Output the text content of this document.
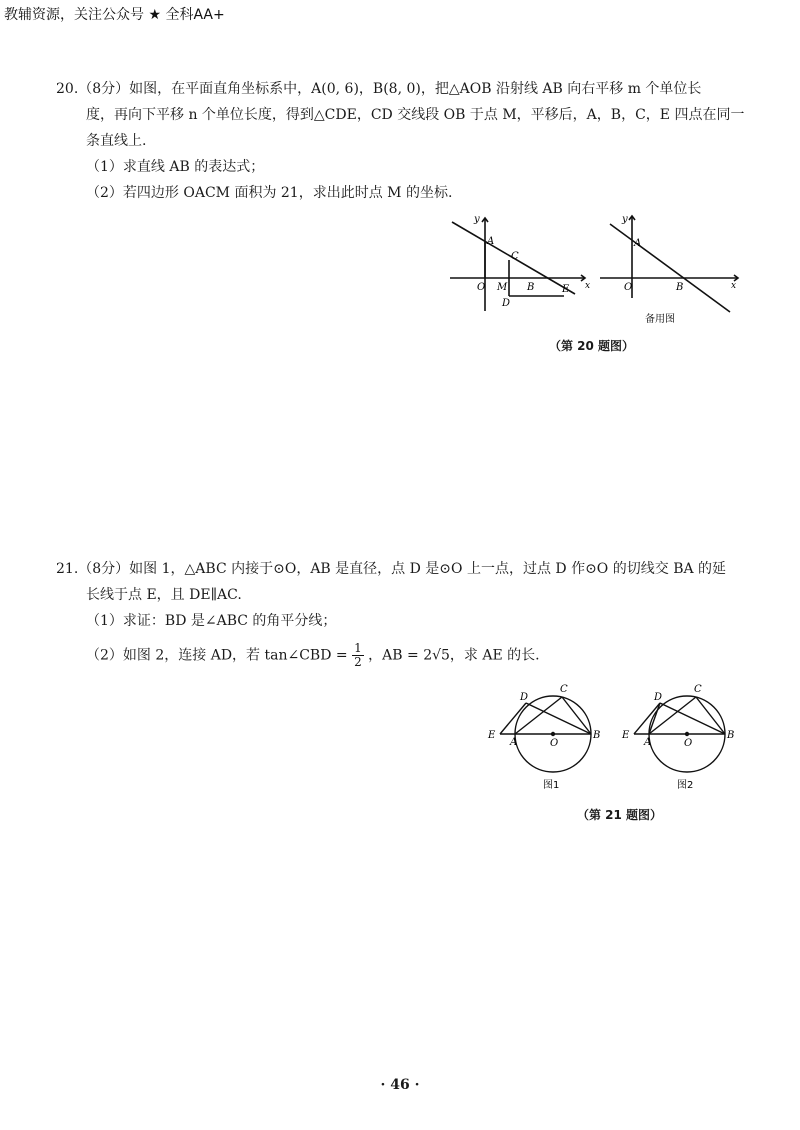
教辅资源，关注公众号 ★ 全科AA+

20.（8分）如图，在平面直角坐标系中，A(0, 6)，B(8, 0)，把△AOB 沿射线 AB 向右平移 m 个单位长

度，再向下平移 n 个单位长度，得到△CDE，CD 交线段 OB 于点 M，平移后，A，B，C，E 四点在同一

条直线上.

（1）求直线 AB 的表达式；

（2）若四边形 OACM 面积为 21，求出此时点 M 的坐标.

y
A
C
O M B	E
D
x
y
A
O	B	x
备用图
（第 20 题图）

21.（8分）如图 1，△ABC 内接于⊙O，AB 是直径，点 D 是⊙O 上一点，过点 D 作⊙O 的切线交 BA 的延

长线于点 E，且 DE∥AC.

（1）求证：BD 是∠ABC 的角平分线；

（2）如图 2，连接 AD，若 tan∠CBD = $\frac{1}{2}$ ，AB = 2√5，求 AE 的长.

D
C
E
A	O
B
图1
D
C
E
A	O
B
图2
（第 21 题图）
· 46 ·
